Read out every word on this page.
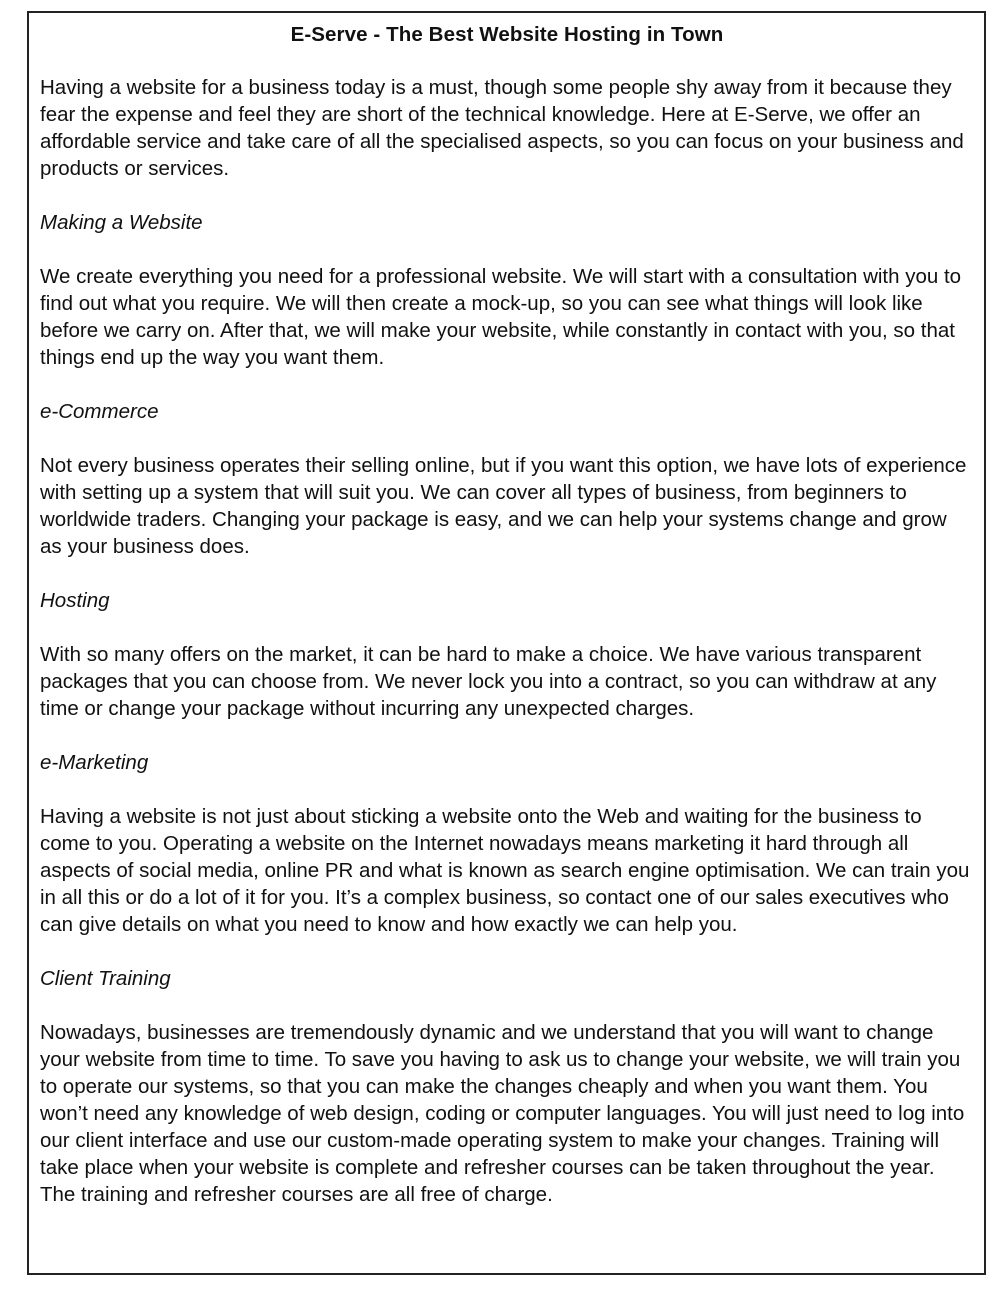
E-Serve - The Best Website Hosting in Town
Having a website for a business today is a must, though some people shy away from it because they fear the expense and feel they are short of the technical knowledge. Here at E-Serve, we offer an affordable service and take care of all the specialised aspects, so you can focus on your business and products or services.
Making a Website
We create everything you need for a professional website. We will start with a consultation with you to find out what you require. We will then create a mock-up, so you can see what things will look like before we carry on. After that, we will make your website, while constantly in contact with you, so that things end up the way you want them.
e-Commerce
Not every business operates their selling online, but if you want this option, we have lots of experience with setting up a system that will suit you. We can cover all types of business, from beginners to worldwide traders. Changing your package is easy, and we can help your systems change and grow as your business does.
Hosting
With so many offers on the market, it can be hard to make a choice. We have various transparent packages that you can choose from. We never lock you into a contract, so you can withdraw at any time or change your package without incurring any unexpected charges.
e-Marketing
Having a website is not just about sticking a website onto the Web and waiting for the business to come to you. Operating a website on the Internet nowadays means marketing it hard through all aspects of social media, online PR and what is known as search engine optimisation. We can train you in all this or do a lot of it for you. It’s a complex business, so contact one of our sales executives who can give details on what you need to know and how exactly we can help you.
Client Training
Nowadays, businesses are tremendously dynamic and we understand that you will want to change your website from time to time. To save you having to ask us to change your website, we will train you to operate our systems, so that you can make the changes cheaply and when you want them. You won’t need any knowledge of web design, coding or computer languages. You will just need to log into our client interface and use our custom-made operating system to make your changes. Training will take place when your website is complete and refresher courses can be taken throughout the year. The training and refresher courses are all free of charge.
